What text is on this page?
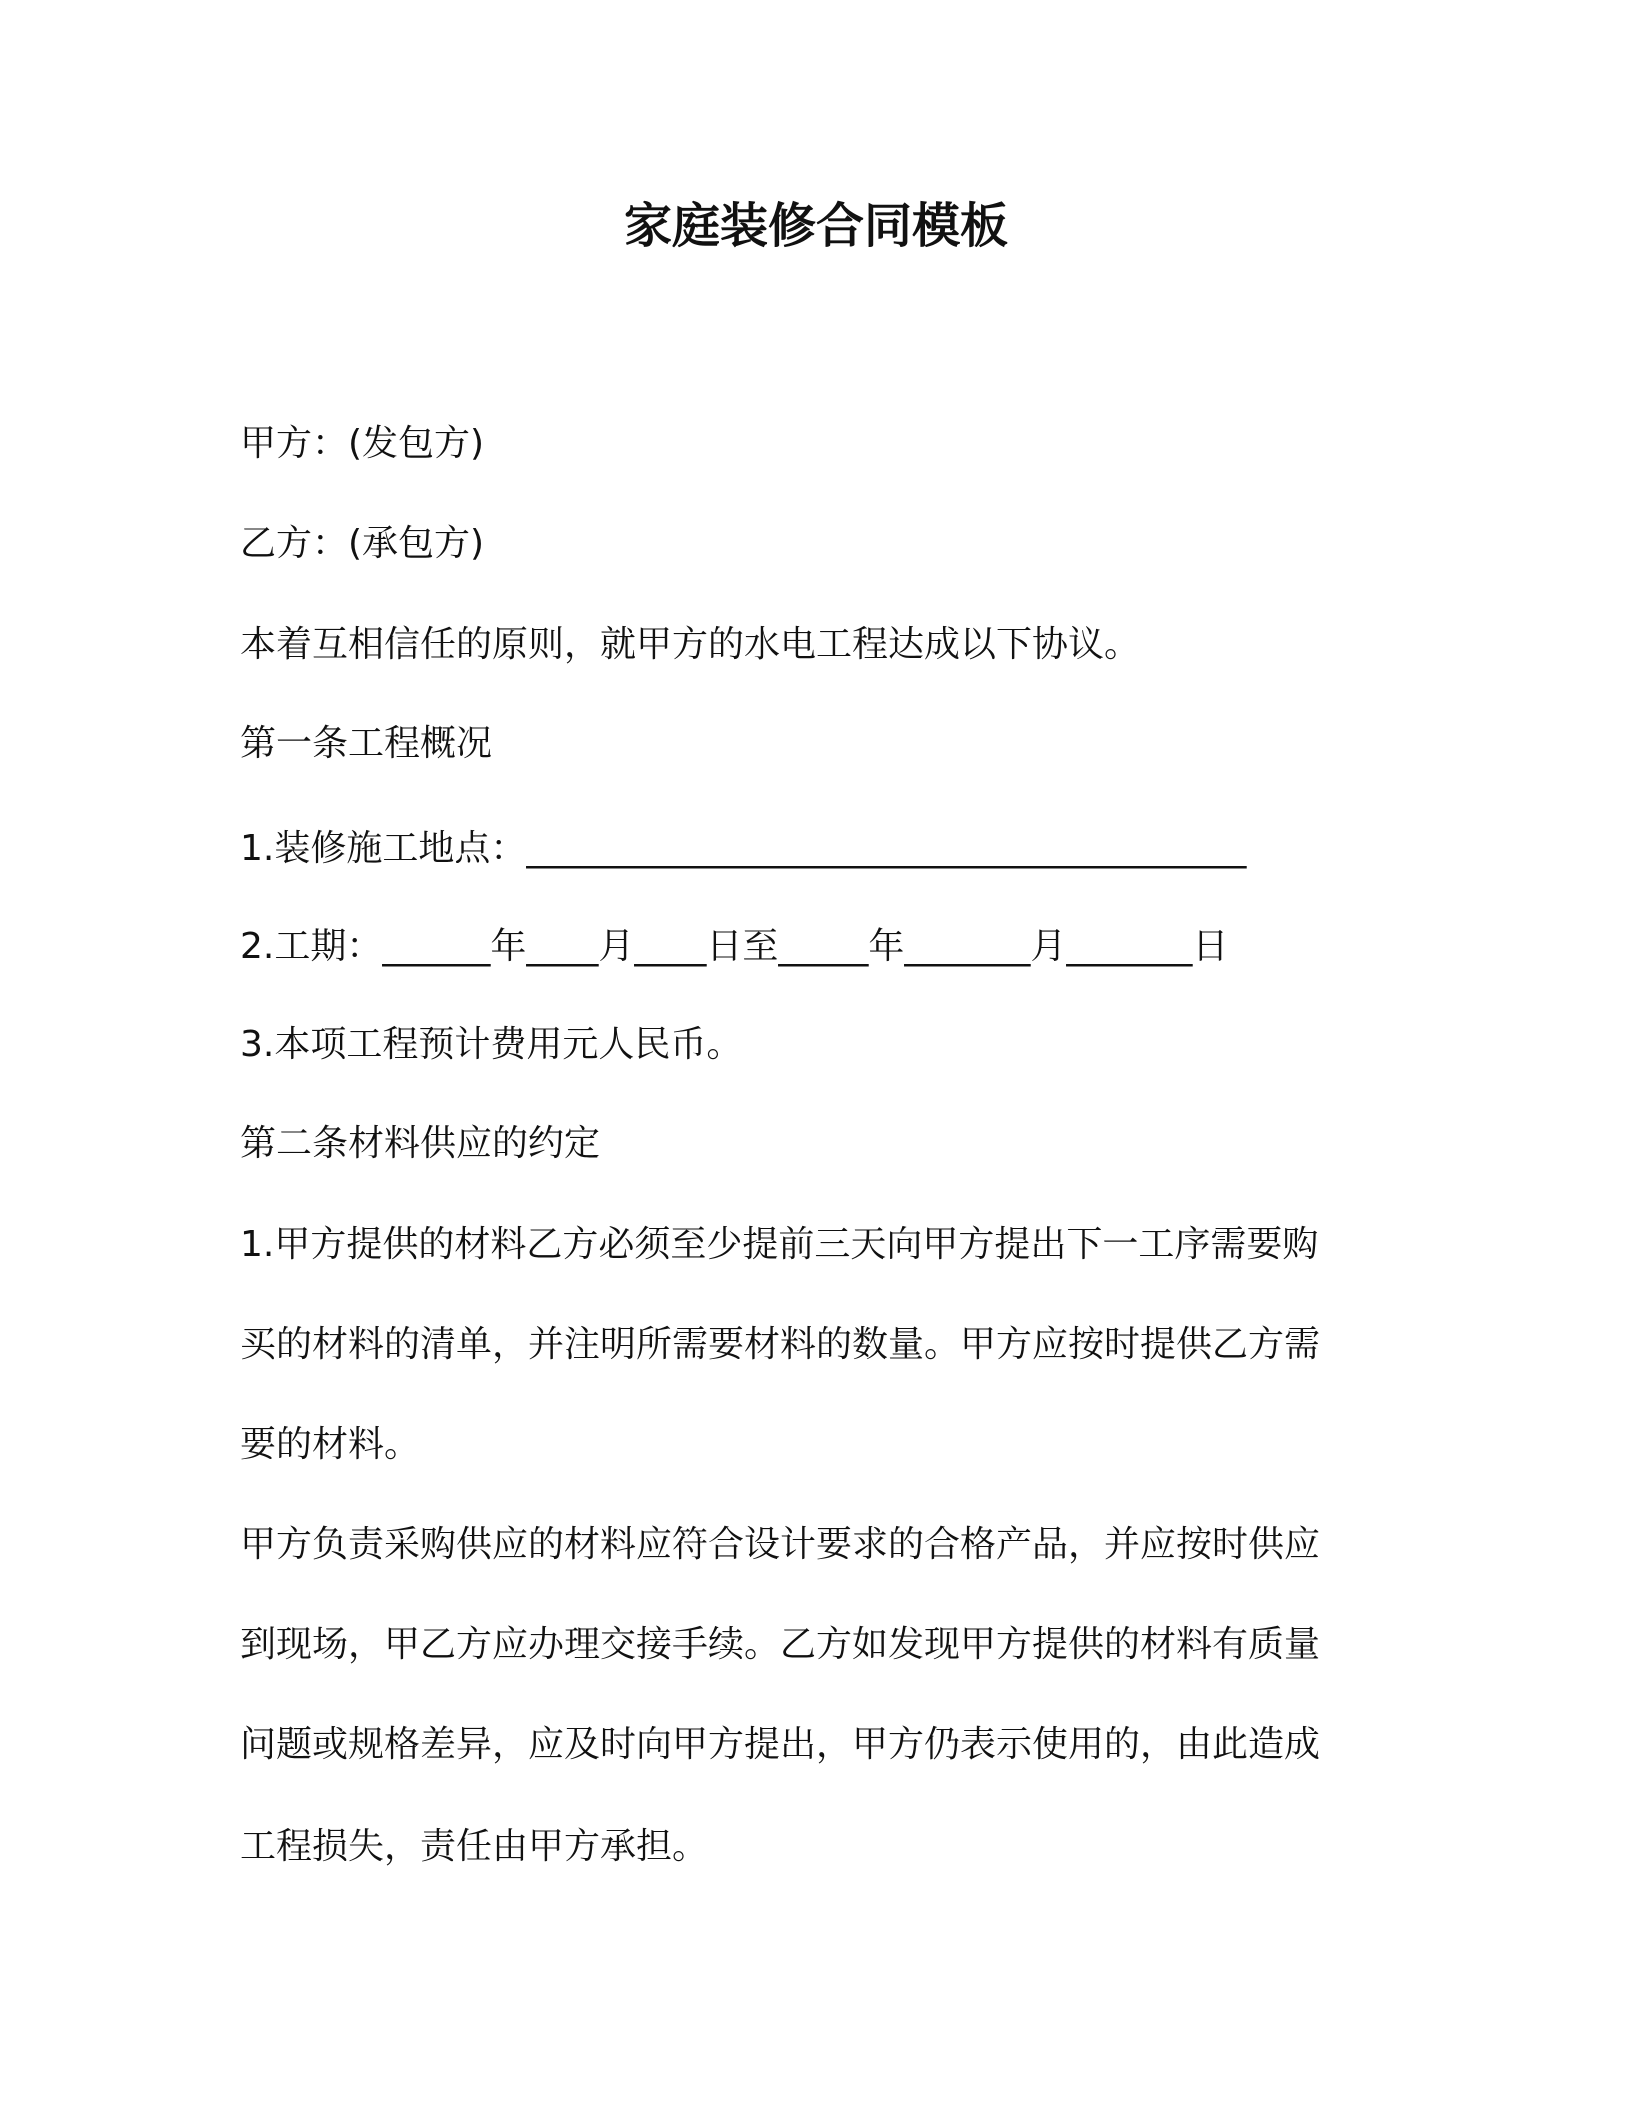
家庭装修合同模板
甲方：(发包方)
乙方：(承包方)
本着互相信任的原则，就甲方的水电工程达成以下协议。
第一条工程概况
1.装修施工地点：________________________________________
2.工期：______年____月____日至_____年_______月_______日
3.本项工程预计费用元人民币。
第二条材料供应的约定
1.甲方提供的材料乙方必须至少提前三天向甲方提出下一工序需要购
买的材料的清单，并注明所需要材料的数量。甲方应按时提供乙方需
要的材料。
甲方负责采购供应的材料应符合设计要求的合格产品，并应按时供应
到现场，甲乙方应办理交接手续。乙方如发现甲方提供的材料有质量
问题或规格差异，应及时向甲方提出，甲方仍表示使用的，由此造成
工程损失，责任由甲方承担。
